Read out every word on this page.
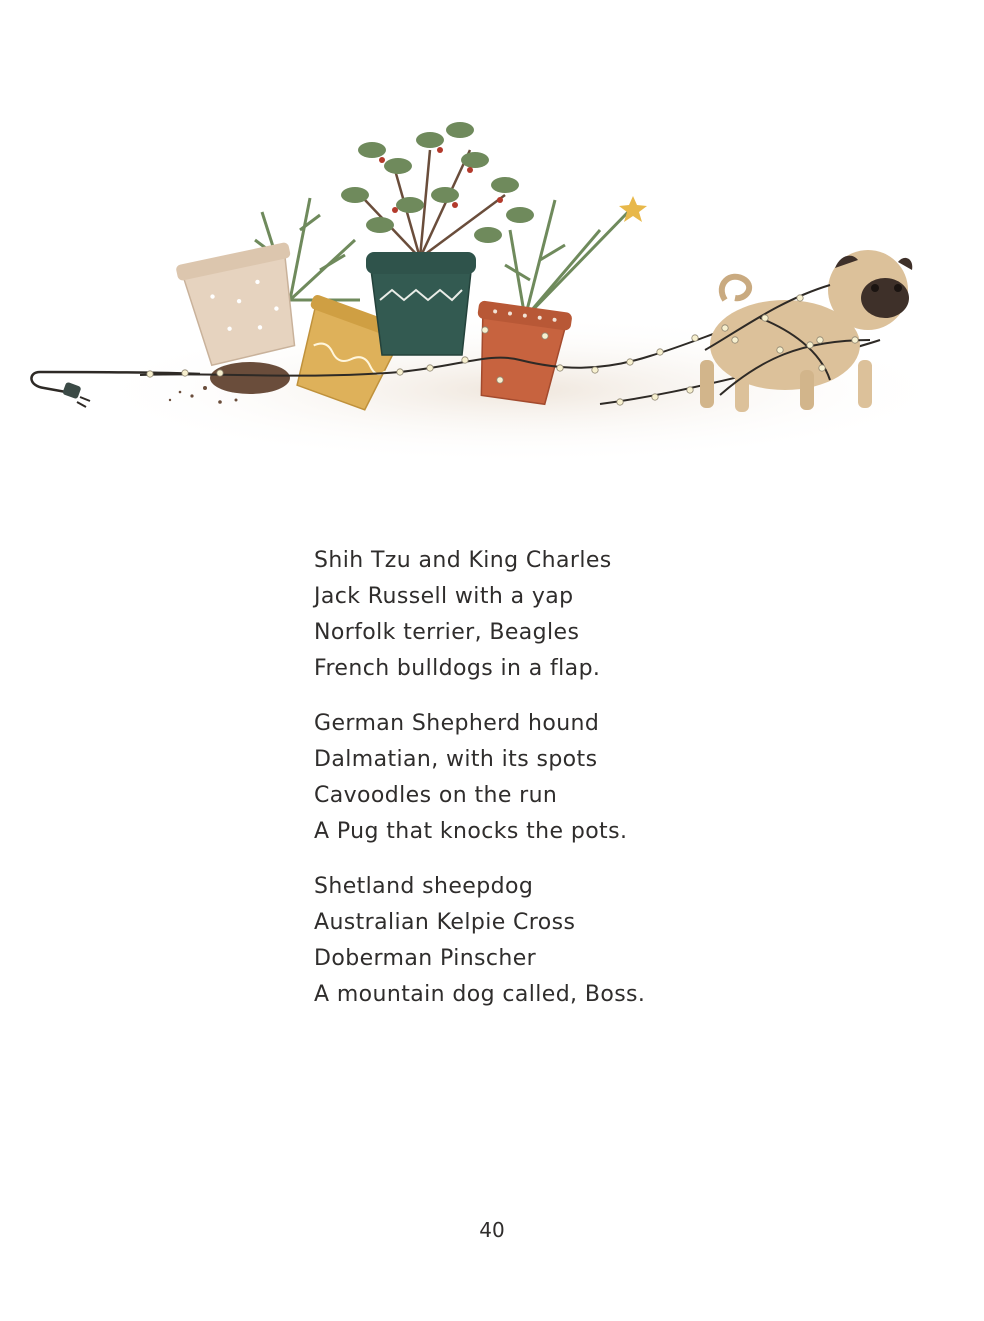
Shih Tzu and King Charles
Jack Russell with a yap
Norfolk terrier, Beagles
French bulldogs in a flap.
German Shepherd hound
Dalmatian, with its spots
Cavoodles on the run
A Pug that knocks the pots.
Shetland sheepdog
Australian Kelpie Cross
Doberman Pinscher
A mountain dog called, Boss.
40
